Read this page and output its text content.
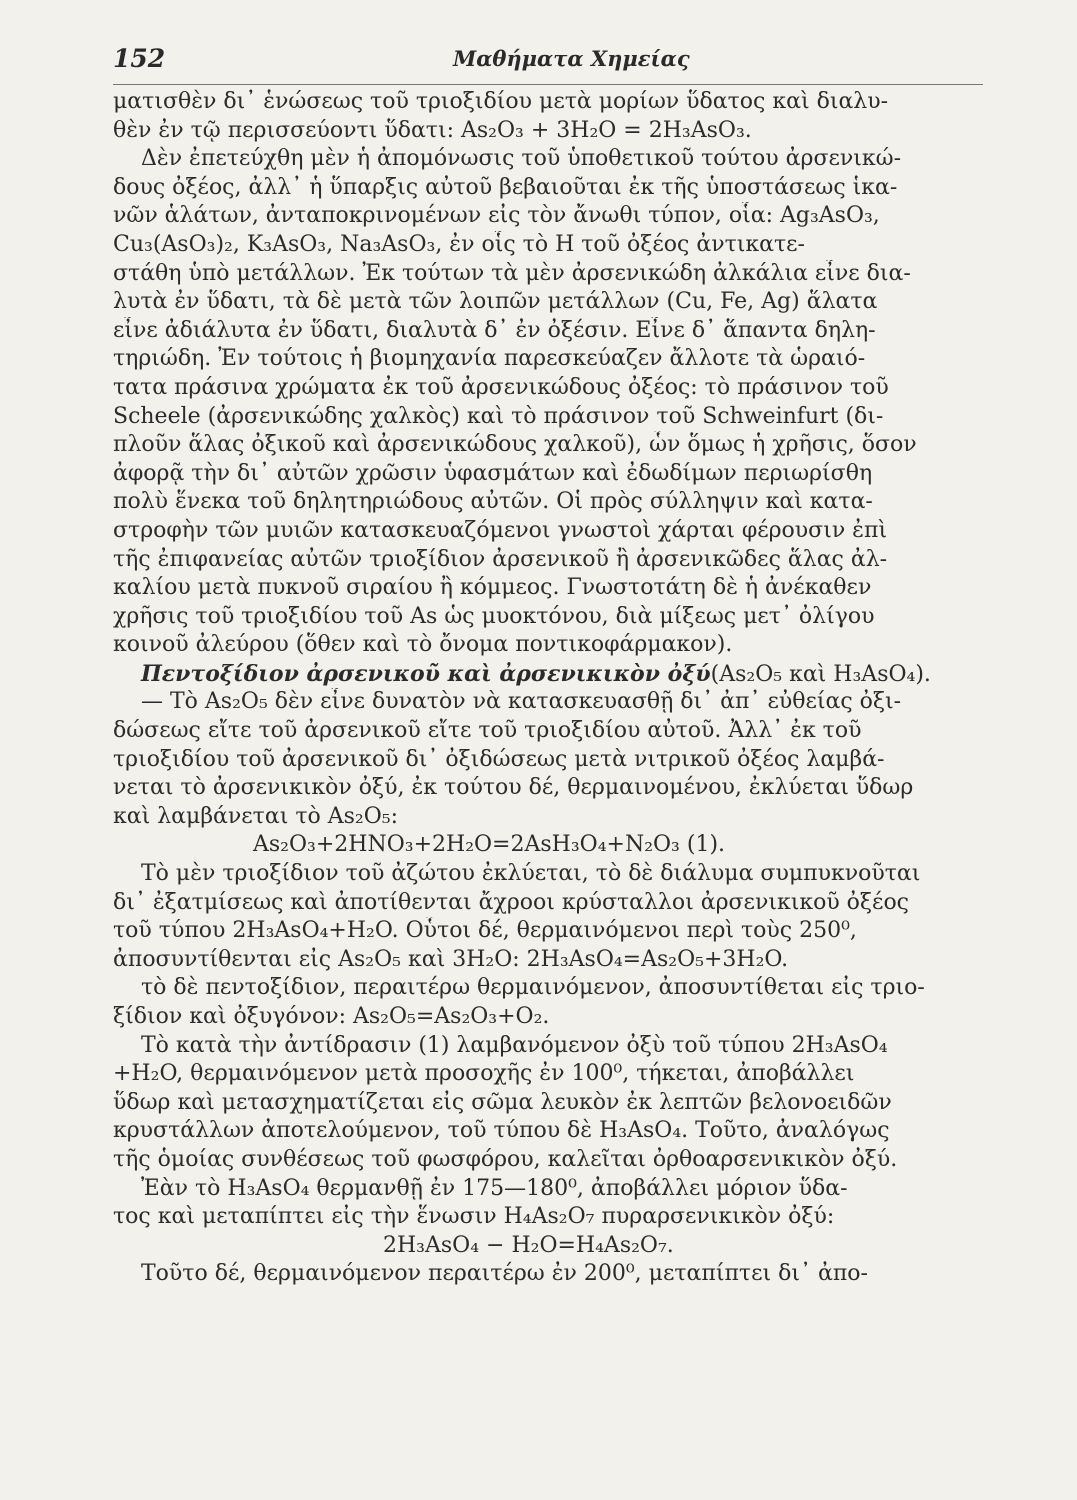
152	Μαθήματα Χημείας
ματισθὲν δι᾽ ἑνώσεως τοῦ τριοξιδίου μετὰ μορίων ὕδατος καὶ διαλυ-
θὲν ἐν τῷ περισσεύοντι ὕδατι: As₂O₃ + 3H₂O = 2H₃AsO₃.
Δὲν ἐπετεύχθη μὲν ἡ ἀπομόνωσις τοῦ ὑποθετικοῦ τούτου ἀρσενικώ-
δους ὀξέος, ἀλλ᾽ ἡ ὕπαρξις αὐτοῦ βεβαιοῦται ἐκ τῆς ὑποστάσεως ἱκα-
νῶν ἁλάτων, ἀνταποκρινομένων εἰς τὸν ἄνωθι τύπον, οἷα: Ag₃AsO₃,
Cu₃(AsO₃)₂, K₃AsO₃, Na₃AsO₃, ἐν οἷς τὸ H τοῦ ὀξέος ἀντικατε-
στάθη ὑπὸ μετάλλων. Ἐκ τούτων τὰ μὲν ἀρσενικώδη ἀλκάλια εἶνε δια-
λυτὰ ἐν ὕδατι, τὰ δὲ μετὰ τῶν λοιπῶν μετάλλων (Cu, Fe, Ag) ἅλατα
εἶνε ἀδιάλυτα ἐν ὕδατι, διαλυτὰ δ᾽ ἐν ὀξέσιν. Εἶνε δ᾽ ἅπαντα δηλη-
τηριώδη. Ἐν τούτοις ἡ βιομηχανία παρεσκεύαζεν ἄλλοτε τὰ ὡραιό-
τατα πράσινα χρώματα ἐκ τοῦ ἀρσενικώδους ὀξέος: τὸ πράσινον τοῦ
Scheele (ἀρσενικώδης χαλκὸς) καὶ τὸ πράσινον τοῦ Schweinfurt (δι-
πλοῦν ἅλας ὀξικοῦ καὶ ἀρσενικώδους χαλκοῦ), ὧν ὅμως ἡ χρῆσις, ὅσον
ἀφορᾷ τὴν δι᾽ αὐτῶν χρῶσιν ὑφασμάτων καὶ ἐδωδίμων περιωρίσθη
πολὺ ἕνεκα τοῦ δηλητηριώδους αὐτῶν. Οἱ πρὸς σύλληψιν καὶ κατα-
στροφὴν τῶν μυιῶν κατασκευαζόμενοι γνωστοὶ χάρται φέρουσιν ἐπὶ
τῆς ἐπιφανείας αὐτῶν τριοξίδιον ἀρσενικοῦ ἢ ἀρσενικῶδες ἅλας ἀλ-
καλίου μετὰ πυκνοῦ σιραίου ἢ κόμμεος. Γνωστοτάτη δὲ ἡ ἀνέκαθεν
χρῆσις τοῦ τριοξιδίου τοῦ As ὡς μυοκτόνου, διὰ μίξεως μετ᾽ ὀλίγου
κοινοῦ ἀλεύρου (ὅθεν καὶ τὸ ὄνομα ποντικοφάρμακον).
Πεντοξίδιον ἀρσενικοῦ καὶ ἀρσενικικὸν ὀξύ(As₂O₅ καὶ H₃AsO₄).
— Τὸ As₂O₅ δὲν εἶνε δυνατὸν νὰ κατασκευασθῇ δι᾽ ἀπ᾽ εὐθείας ὀξι-
δώσεως εἴτε τοῦ ἀρσενικοῦ εἴτε τοῦ τριοξιδίου αὐτοῦ. Ἀλλ᾽ ἐκ τοῦ
τριοξιδίου τοῦ ἀρσενικοῦ δι᾽ ὀξιδώσεως μετὰ νιτρικοῦ ὀξέος λαμβά-
νεται τὸ ἀρσενικικὸν ὀξύ, ἐκ τούτου δέ, θερμαινομένου, ἐκλύεται ὕδωρ
καὶ λαμβάνεται τὸ As₂O₅:
As₂O₃+2HNO₃+2H₂O=2AsH₃O₄+N₂O₃ (1).
Τὸ μὲν τριοξίδιον τοῦ ἀζώτου ἐκλύεται, τὸ δὲ διάλυμα συμπυκνοῦται
δι᾽ ἐξατμίσεως καὶ ἀποτίθενται ἄχροοι κρύσταλλοι ἀρσενικικοῦ ὀξέος
τοῦ τύπου 2H₃AsO₄+H₂O. Οὗτοι δέ, θερμαινόμενοι περὶ τοὺς 250⁰,
ἀποσυντίθενται εἰς As₂O₅ καὶ 3H₂O: 2H₃AsO₄=As₂O₅+3H₂O.
τὸ δὲ πεντοξίδιον, περαιτέρω θερμαινόμενον, ἀποσυντίθεται εἰς τριο-
ξίδιον καὶ ὀξυγόνον: As₂O₅=As₂O₃+O₂.
Τὸ κατὰ τὴν ἀντίδρασιν (1) λαμβανόμενον ὀξὺ τοῦ τύπου 2H₃AsO₄
+H₂O, θερμαινόμενον μετὰ προσοχῆς ἐν 100⁰, τήκεται, ἀποβάλλει
ὕδωρ καὶ μετασχηματίζεται εἰς σῶμα λευκὸν ἐκ λεπτῶν βελονοειδῶν
κρυστάλλων ἀποτελούμενον, τοῦ τύπου δὲ H₃AsO₄. Τοῦτο, ἀναλόγως
τῆς ὁμοίας συνθέσεως τοῦ φωσφόρου, καλεῖται ὀρθοαρσενικικὸν ὀξύ.
Ἐὰν τὸ H₃AsO₄ θερμανθῇ ἐν 175—180⁰, ἀποβάλλει μόριον ὕδα-
τος καὶ μεταπίπτει εἰς τὴν ἕνωσιν H₄As₂O₇ πυραρσενικικὸν ὀξύ:
2H₃AsO₄ − H₂O=H₄As₂O₇.
Τοῦτο δέ, θερμαινόμενον περαιτέρω ἐν 200⁰, μεταπίπτει δι᾽ ἀπο-
